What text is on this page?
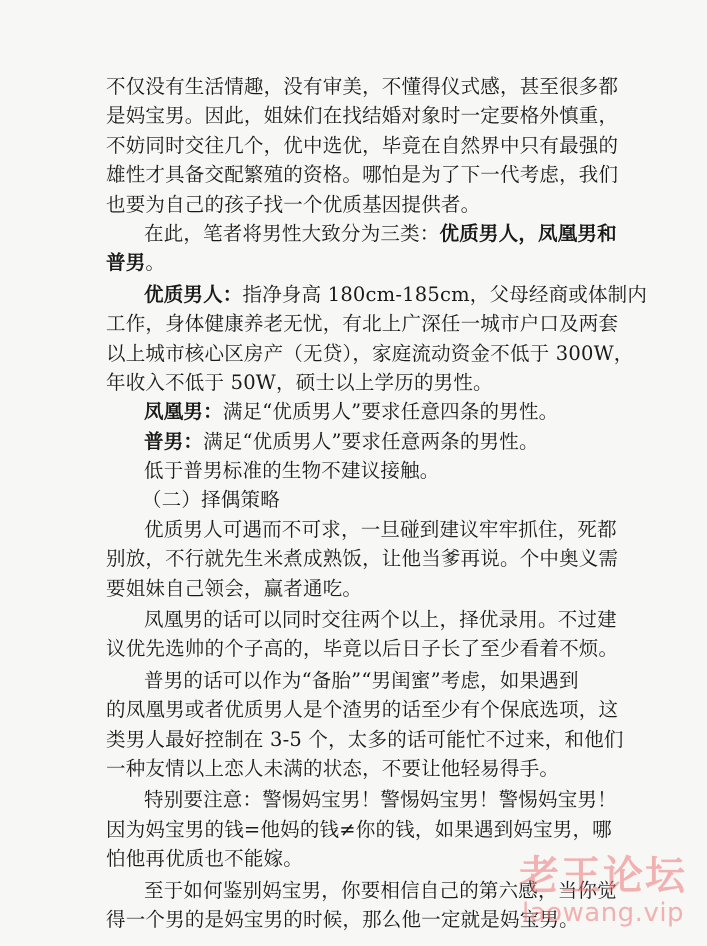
不仅没有生活情趣，没有审美，不懂得仪式感，甚至很多都
是妈宝男。因此，姐妹们在找结婚对象时一定要格外慎重，
不妨同时交往几个，优中选优，毕竟在自然界中只有最强的
雄性才具备交配繁殖的资格。哪怕是为了下一代考虑，我们
也要为自己的孩子找一个优质基因提供者。
在此，笔者将男性大致分为三类：优质男人，凤凰男和
普男。
优质男人：指净身高 180cm-185cm，父母经商或体制内
工作，身体健康养老无忧，有北上广深任一城市户口及两套
以上城市核心区房产（无贷），家庭流动资金不低于 300W，
年收入不低于 50W，硕士以上学历的男性。
凤凰男：满足“优质男人”要求任意四条的男性。
普男：满足“优质男人”要求任意两条的男性。
低于普男标准的生物不建议接触。
（二）择偶策略
优质男人可遇而不可求，一旦碰到建议牢牢抓住，死都
别放，不行就先生米煮成熟饭，让他当爹再说。个中奥义需
要姐妹自己领会，赢者通吃。
凤凰男的话可以同时交往两个以上，择优录用。不过建
议优先选帅的个子高的，毕竟以后日子长了至少看着不烦。
普男的话可以作为“备胎”“男闺蜜”考虑，如果遇到
的凤凰男或者优质男人是个渣男的话至少有个保底选项，这
类男人最好控制在 3-5 个，太多的话可能忙不过来，和他们
一种友情以上恋人未满的状态，不要让他轻易得手。
特别要注意：警惕妈宝男！警惕妈宝男！警惕妈宝男！
因为妈宝男的钱=他妈的钱≠你的钱，如果遇到妈宝男，哪
怕他再优质也不能嫁。
至于如何鉴别妈宝男，你要相信自己的第六感，当你觉
得一个男的是妈宝男的时候，那么他一定就是妈宝男。
老王论坛
laowang.vip
